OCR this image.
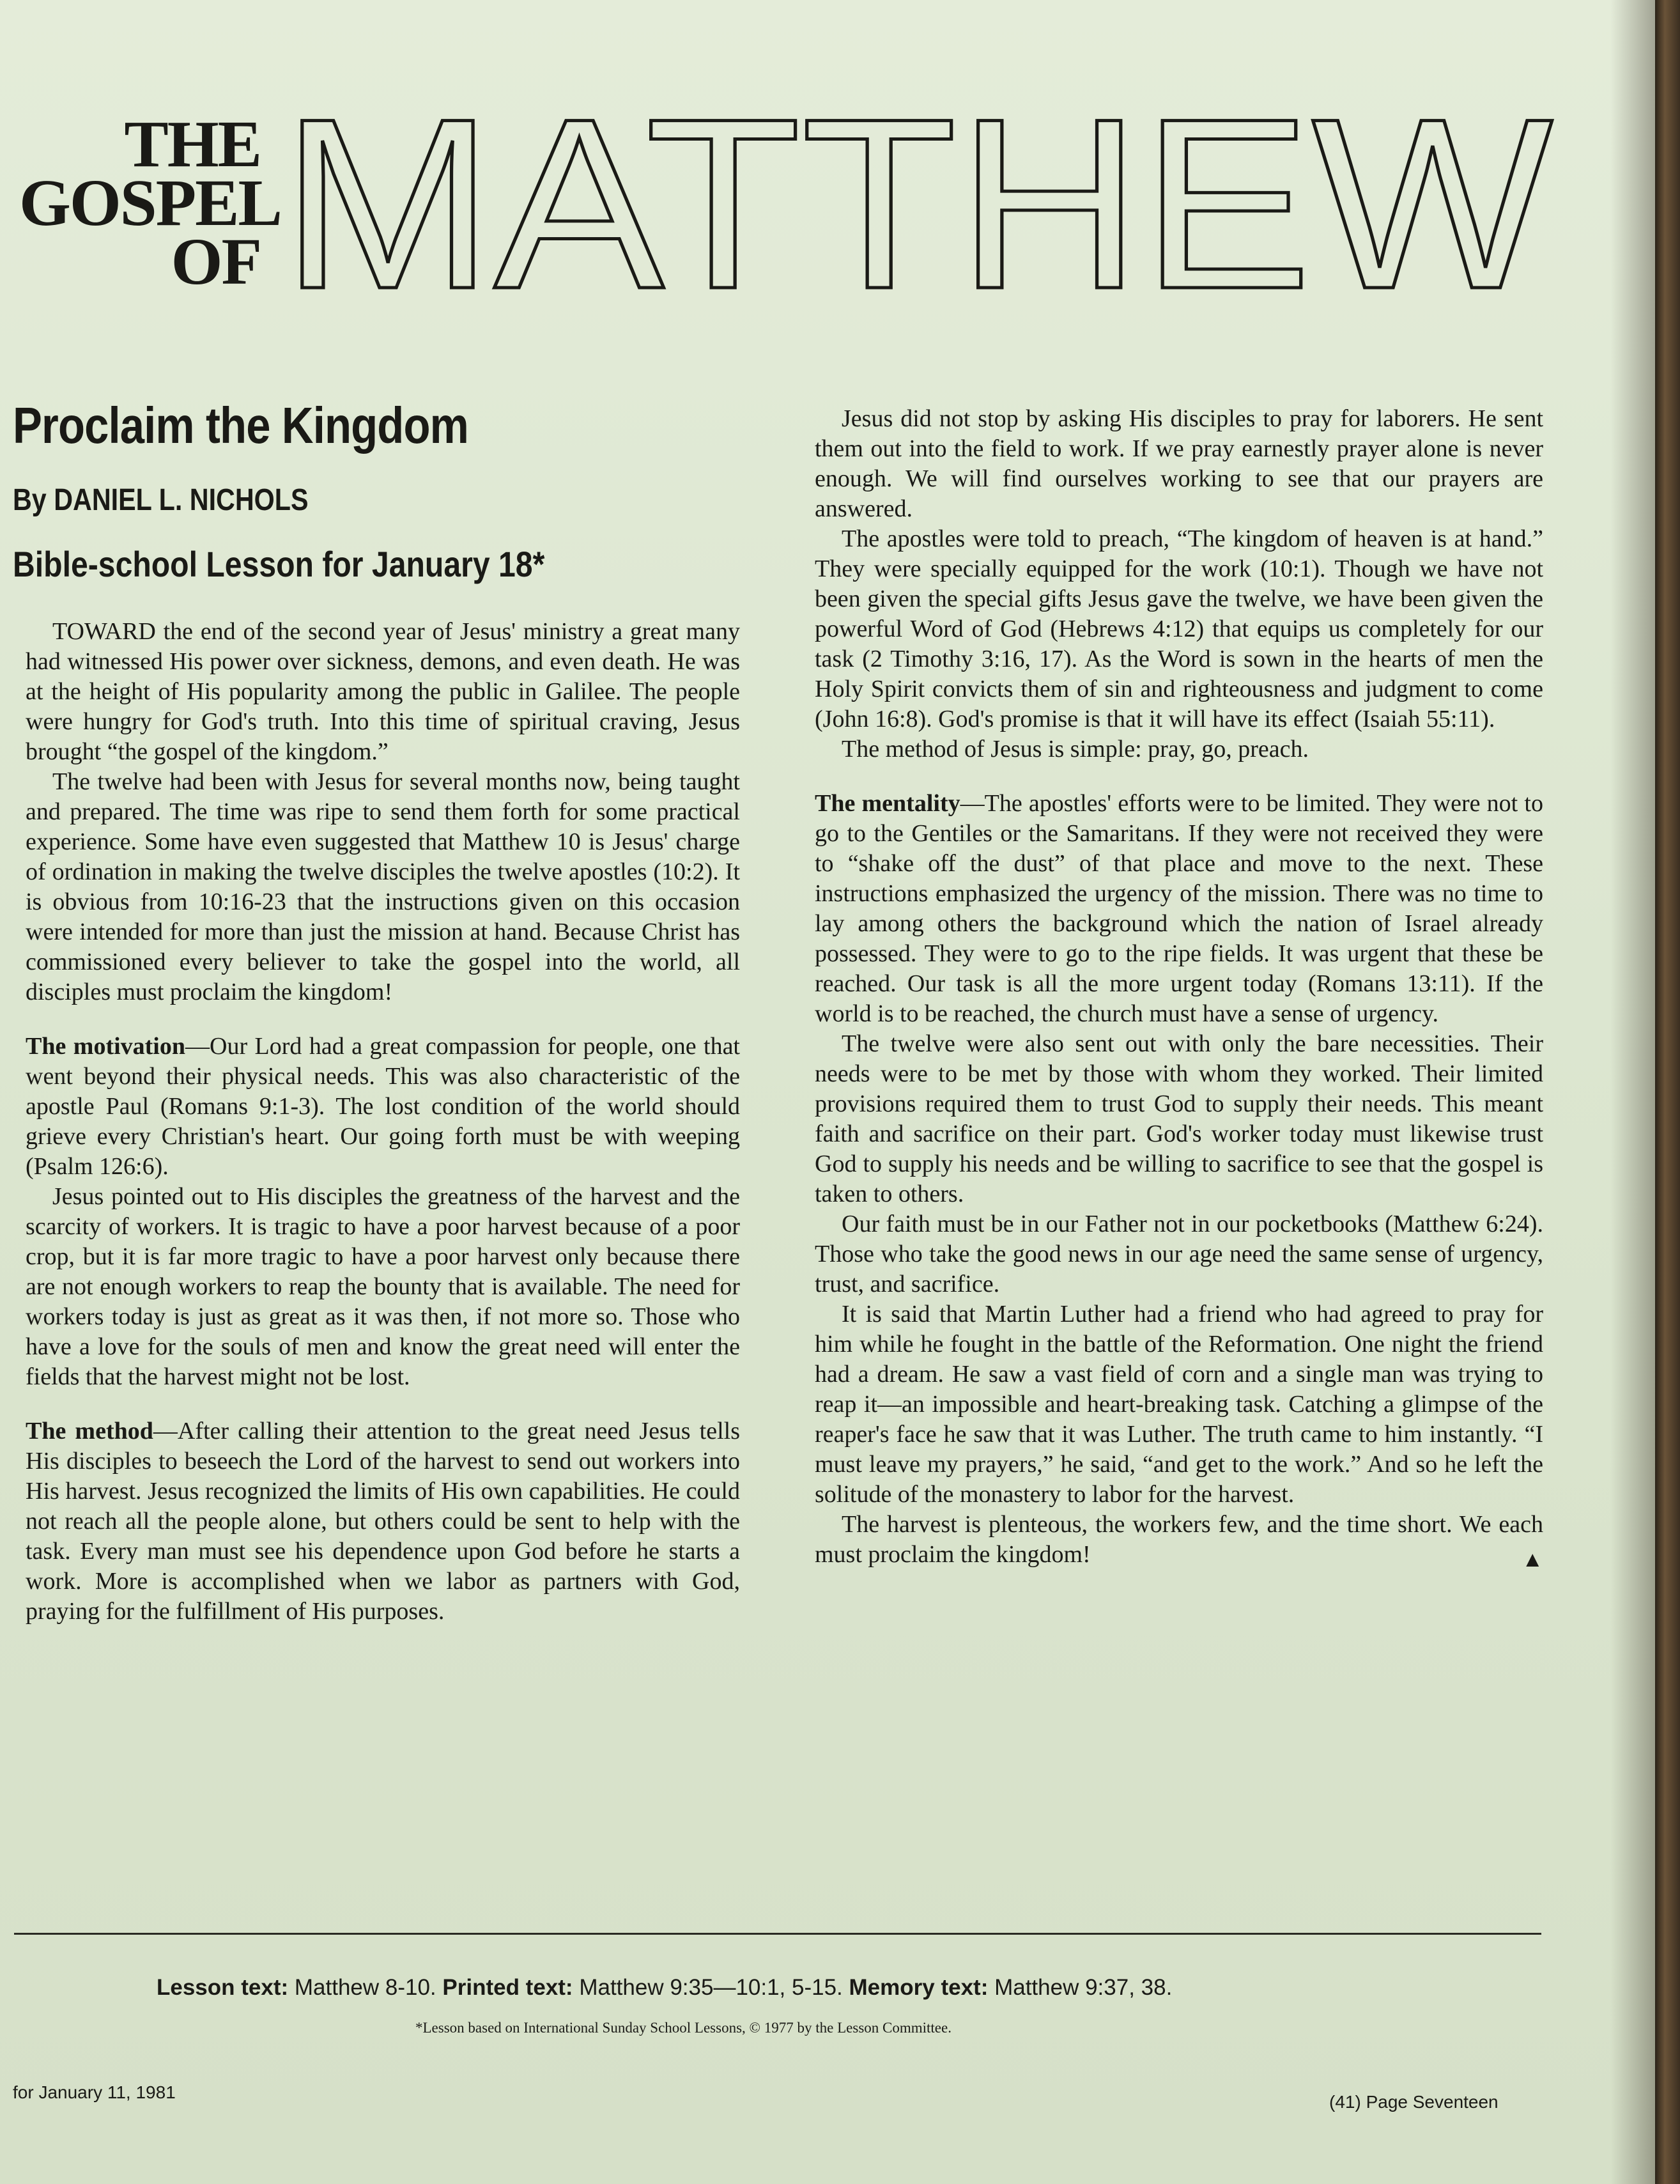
THE
GOSPEL
OF MATTHEW
Proclaim the Kingdom
By DANIEL L. NICHOLS
Bible-school Lesson for January 18*

TOWARD the end of the second year of Jesus' ministry a great many had witnessed His power over sickness, demons, and even death. He was at the height of His popularity among the public in Galilee. The people were hungry for God's truth. Into this time of spiritual craving, Jesus brought “the gospel of the kingdom.”

The twelve had been with Jesus for several months now, being taught and prepared. The time was ripe to send them forth for some practical experience. Some have even suggested that Matthew 10 is Jesus' charge of ordination in making the twelve disciples the twelve apostles (10:2). It is obvious from 10:16-23 that the instructions given on this occasion were intended for more than just the mission at hand. Because Christ has commissioned every believer to take the gospel into the world, all disciples must proclaim the kingdom!

The motivation—Our Lord had a great compassion for people, one that went beyond their physical needs. This was also characteristic of the apostle Paul (Romans 9:1-3). The lost condition of the world should grieve every Christian's heart. Our going forth must be with weeping (Psalm 126:6).

Jesus pointed out to His disciples the greatness of the harvest and the scarcity of workers. It is tragic to have a poor harvest because of a poor crop, but it is far more tragic to have a poor harvest only because there are not enough workers to reap the bounty that is available. The need for workers today is just as great as it was then, if not more so. Those who have a love for the souls of men and know the great need will enter the fields that the harvest might not be lost.

The method—After calling their attention to the great need Jesus tells His disciples to beseech the Lord of the harvest to send out workers into His harvest. Jesus recognized the limits of His own capabilities. He could not reach all the people alone, but others could be sent to help with the task. Every man must see his dependence upon God before he starts a work. More is accomplished when we labor as partners with God, praying for the fulfillment of His purposes.

Jesus did not stop by asking His disciples to pray for laborers. He sent them out into the field to work. If we pray earnestly prayer alone is never enough. We will find ourselves working to see that our prayers are answered.

The apostles were told to preach, “The kingdom of heaven is at hand.” They were specially equipped for the work (10:1). Though we have not been given the special gifts Jesus gave the twelve, we have been given the powerful Word of God (Hebrews 4:12) that equips us completely for our task (2 Timothy 3:16, 17). As the Word is sown in the hearts of men the Holy Spirit convicts them of sin and righteousness and judgment to come (John 16:8). God's promise is that it will have its effect (Isaiah 55:11).

The method of Jesus is simple: pray, go, preach.

The mentality—The apostles' efforts were to be limited. They were not to go to the Gentiles or the Samaritans. If they were not received they were to “shake off the dust” of that place and move to the next. These instructions emphasized the urgency of the mission. There was no time to lay among others the background which the nation of Israel already possessed. They were to go to the ripe fields. It was urgent that these be reached. Our task is all the more urgent today (Romans 13:11). If the world is to be reached, the church must have a sense of urgency.

The twelve were also sent out with only the bare necessities. Their needs were to be met by those with whom they worked. Their limited provisions required them to trust God to supply their needs. This meant faith and sacrifice on their part. God's worker today must likewise trust God to supply his needs and be willing to sacrifice to see that the gospel is taken to others.

Our faith must be in our Father not in our pocketbooks (Matthew 6:24). Those who take the good news in our age need the same sense of urgency, trust, and sacrifice.

It is said that Martin Luther had a friend who had agreed to pray for him while he fought in the battle of the Reformation. One night the friend had a dream. He saw a vast field of corn and a single man was trying to reap it—an impossible and heart-breaking task. Catching a glimpse of the reaper's face he saw that it was Luther. The truth came to him instantly. “I must leave my prayers,” he said, “and get to the work.” And so he left the solitude of the monastery to labor for the harvest.

The harvest is plenteous, the workers few, and the time short. We each must proclaim the kingdom!	▲

Lesson text: Matthew 8-10. Printed text: Matthew 9:35—10:1, 5-15. Memory text: Matthew 9:37, 38.
*Lesson based on International Sunday School Lessons, © 1977 by the Lesson Committee.
for January 11, 1981	(41) Page Seventeen
